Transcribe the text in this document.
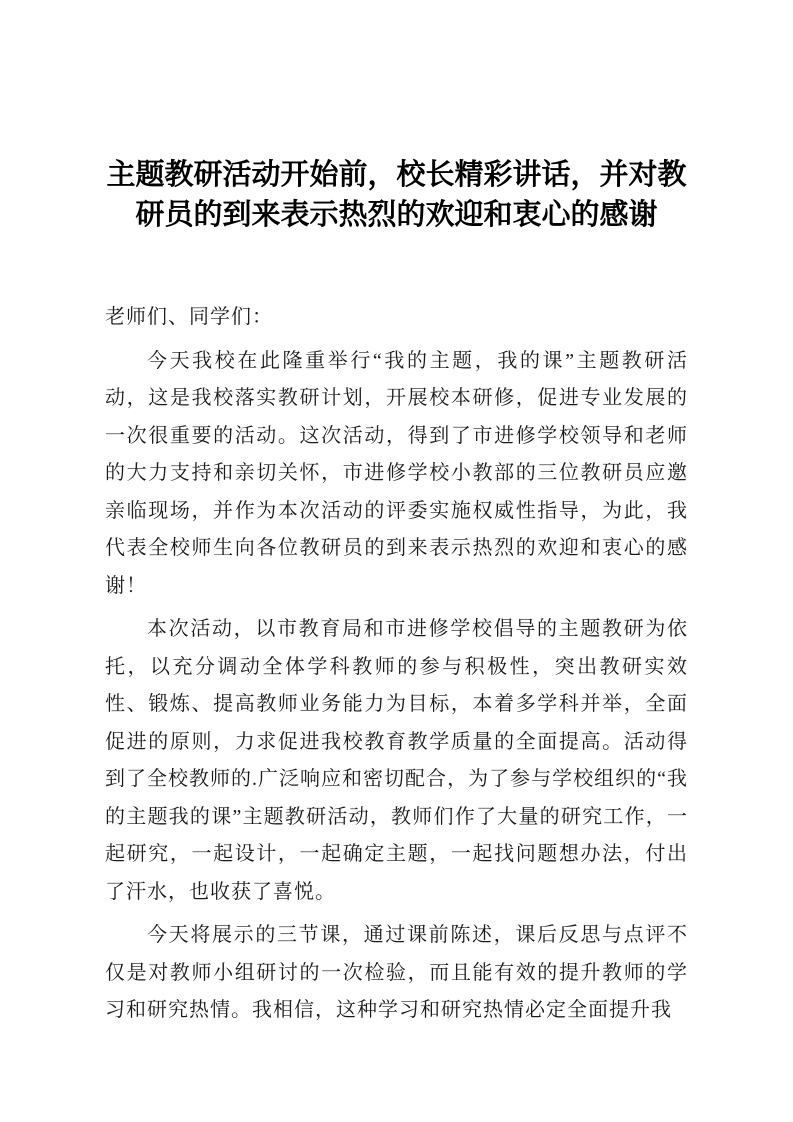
主题教研活动开始前，校长精彩讲话，并对教研员的到来表示热烈的欢迎和衷心的感谢

老师们、同学们：

今天我校在此隆重举行“我的主题，我的课”主题教研活动，这是我校落实教研计划，开展校本研修，促进专业发展的一次很重要的活动。这次活动，得到了市进修学校领导和老师的大力支持和亲切关怀，市进修学校小教部的三位教研员应邀亲临现场，并作为本次活动的评委实施权威性指导，为此，我代表全校师生向各位教研员的到来表示热烈的欢迎和衷心的感谢！

本次活动，以市教育局和市进修学校倡导的主题教研为依托，以充分调动全体学科教师的参与积极性，突出教研实效性、锻炼、提高教师业务能力为目标，本着多学科并举，全面促进的原则，力求促进我校教育教学质量的全面提高。活动得到了全校教师的.广泛响应和密切配合，为了参与学校组织的“我的主题我的课”主题教研活动，教师们作了大量的研究工作，一起研究，一起设计，一起确定主题，一起找问题想办法，付出了汗水，也收获了喜悦。

今天将展示的三节课，通过课前陈述，课后反思与点评不仅是对教师小组研讨的一次检验，而且能有效的提升教师的学习和研究热情。我相信，这种学习和研究热情必定全面提升我
